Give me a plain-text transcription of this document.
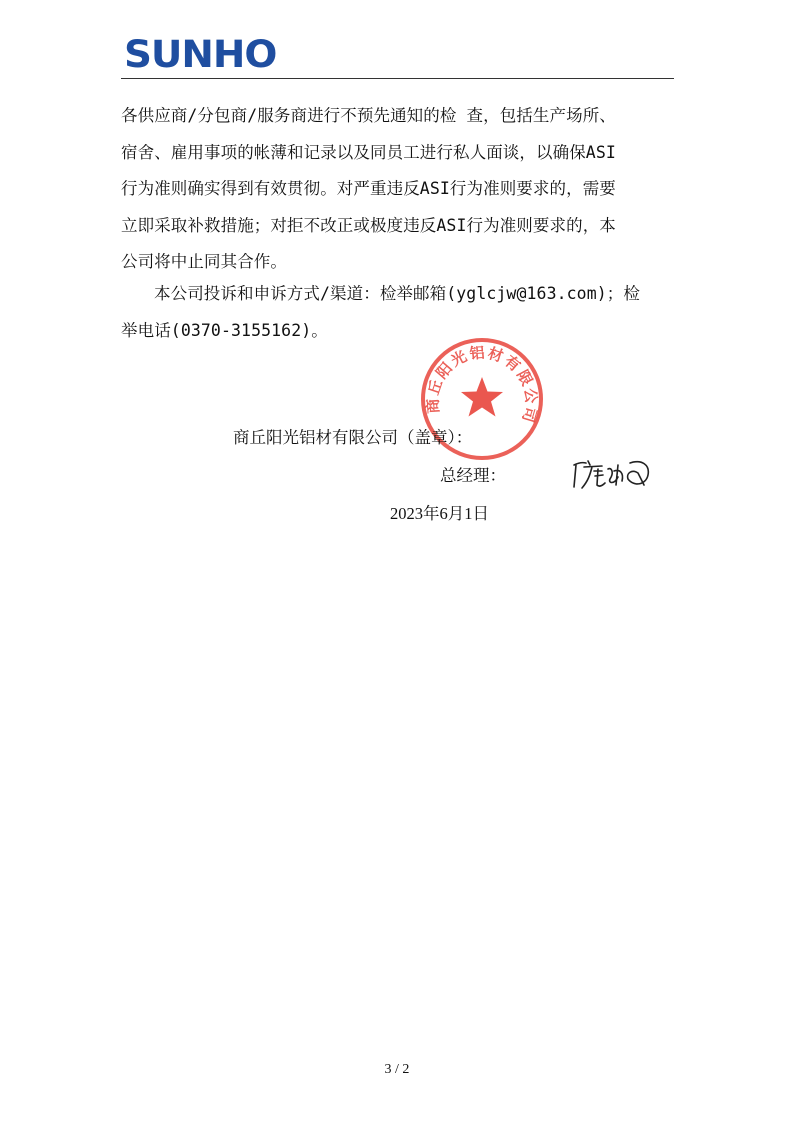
SUNHO
各供应商/分包商/服务商进行不预先通知的检 查，包括生产场所、
宿舍、雇用事项的帐薄和记录以及同员工进行私人面谈，以确保ASI
行为准则确实得到有效贯彻。对严重违反ASI行为准则要求的，需要
立即采取补救措施；对拒不改正或极度违反ASI行为准则要求的，本
公司将中止同其合作。
本公司投诉和申诉方式/渠道：检举邮箱(yglcjw@163.com)；检
举电话(0370-3155162)。
商丘阳光铝材有限公司
商丘阳光铝材有限公司（盖章）：
总经理：
2023年6月1日
3 / 2
